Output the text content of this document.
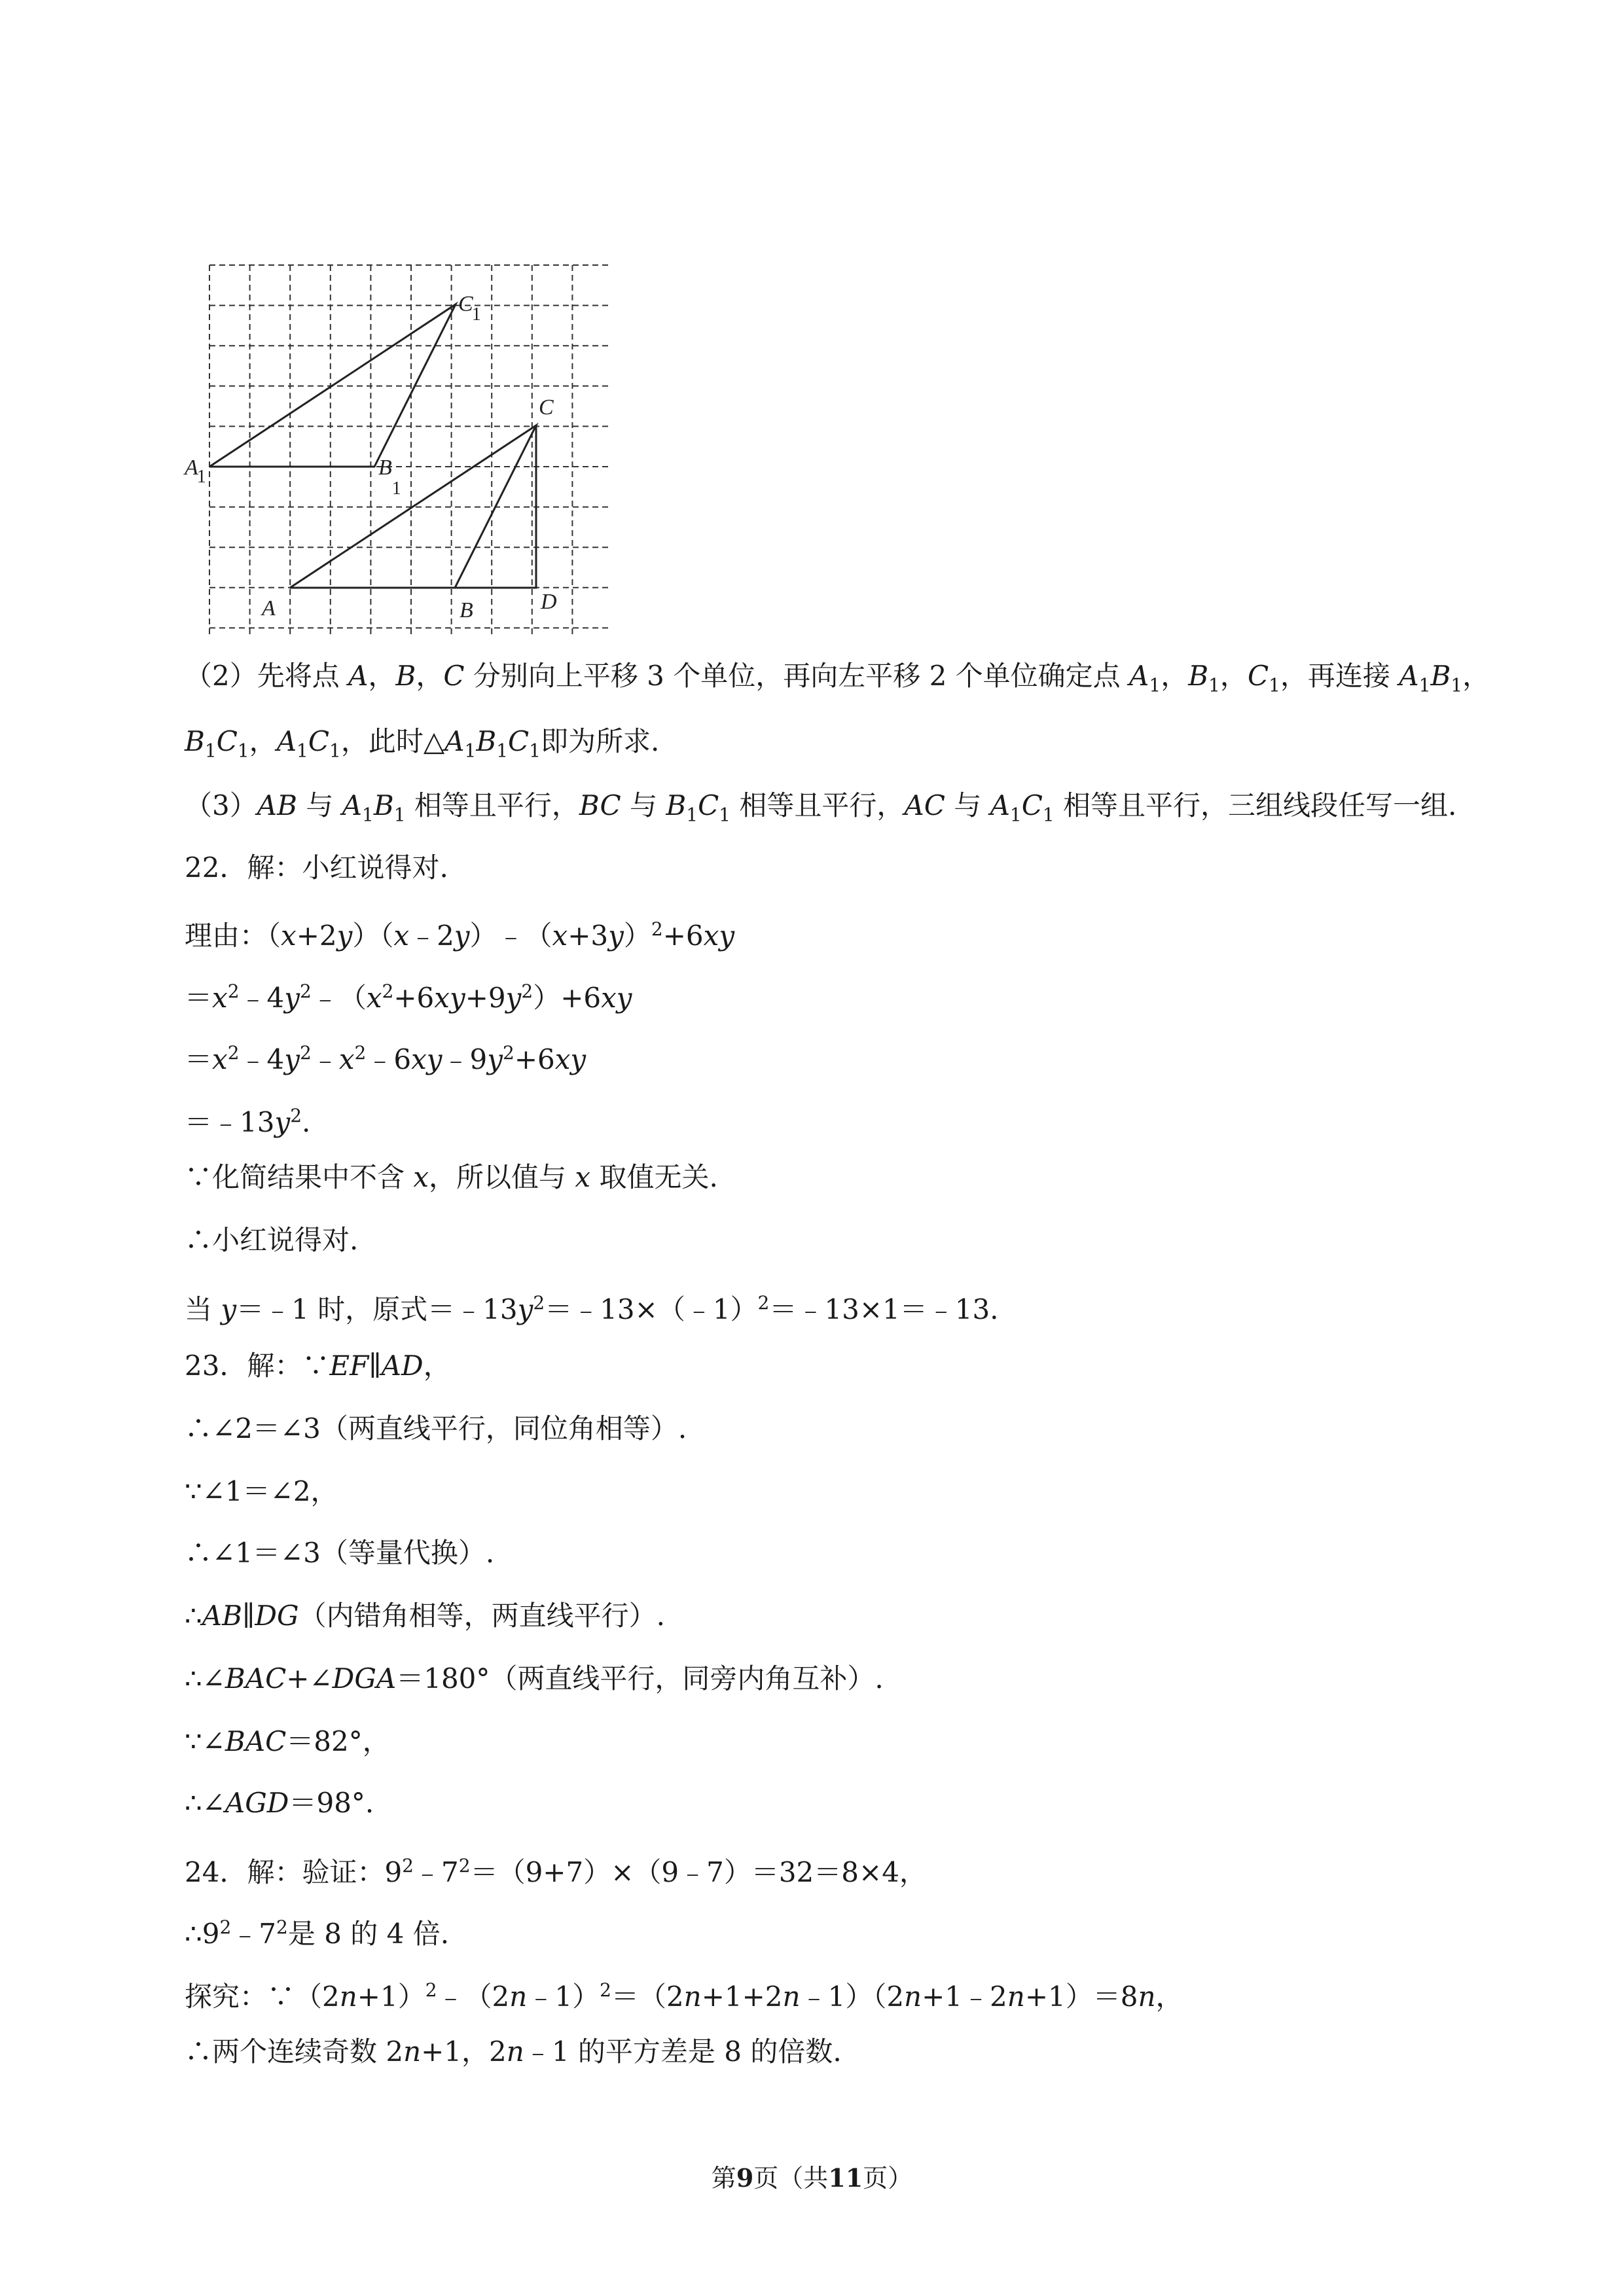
C1
A1	$B_1$
C
A	B	D
（2）先将点 A，B，C 分别向上平移 3 个单位，再向左平移 2 个单位确定点 $A_1$，$B_1$，$C_1$，再连接 $A_1B_1$，
$B_1C_1$，$A_1C_1$，此时$\triangle A_1B_1C_1$即为所求.
（3）AB 与 $A_1B_1$ 相等且平行，BC 与 $B_1C_1$ 相等且平行，AC 与 $A_1C_1$ 相等且平行，三组线段任写一组.
22．解：小红说得对.
理由：$(x+2y)(x﹣2y)﹣(x+3y)^2+6xy$
$=x^2﹣4y^2﹣(x^2+6xy+9y^2)+6xy$
$=x^2﹣4y^2﹣x^2﹣6xy﹣9y^2+6xy$
$=﹣13y^2$.
∵化简结果中不含 x，所以值与 x 取值无关.
∴小红说得对.
当 y＝﹣1 时，原式$=﹣13y^2=﹣13\times(﹣1)^2=﹣13\times 1=﹣13$.
23．解：∵EF∥AD，
∴∠2＝∠3（两直线平行，同位角相等）.
∵∠1＝∠2，
∴∠1＝∠3（等量代换）.
∴AB∥DG（内错角相等，两直线平行）.
∴∠BAC+∠DGA＝180°（两直线平行，同旁内角互补）.
∵∠BAC＝82°，
∴∠AGD＝98°.
24．解：验证：$9^2﹣7^2=(9+7)\times(9﹣7)=32=8\times 4$，
$\therefore 9^2﹣7^2$是 8 的 4 倍.
探究：$\because(2n+1)^2﹣(2n﹣1)^2=(2n+1+2n﹣1)(2n+1﹣2n+1)=8n$，
∴两个连续奇数 2n+1，2n﹣1 的平方差是 8 的倍数.
第9页（共11页）
